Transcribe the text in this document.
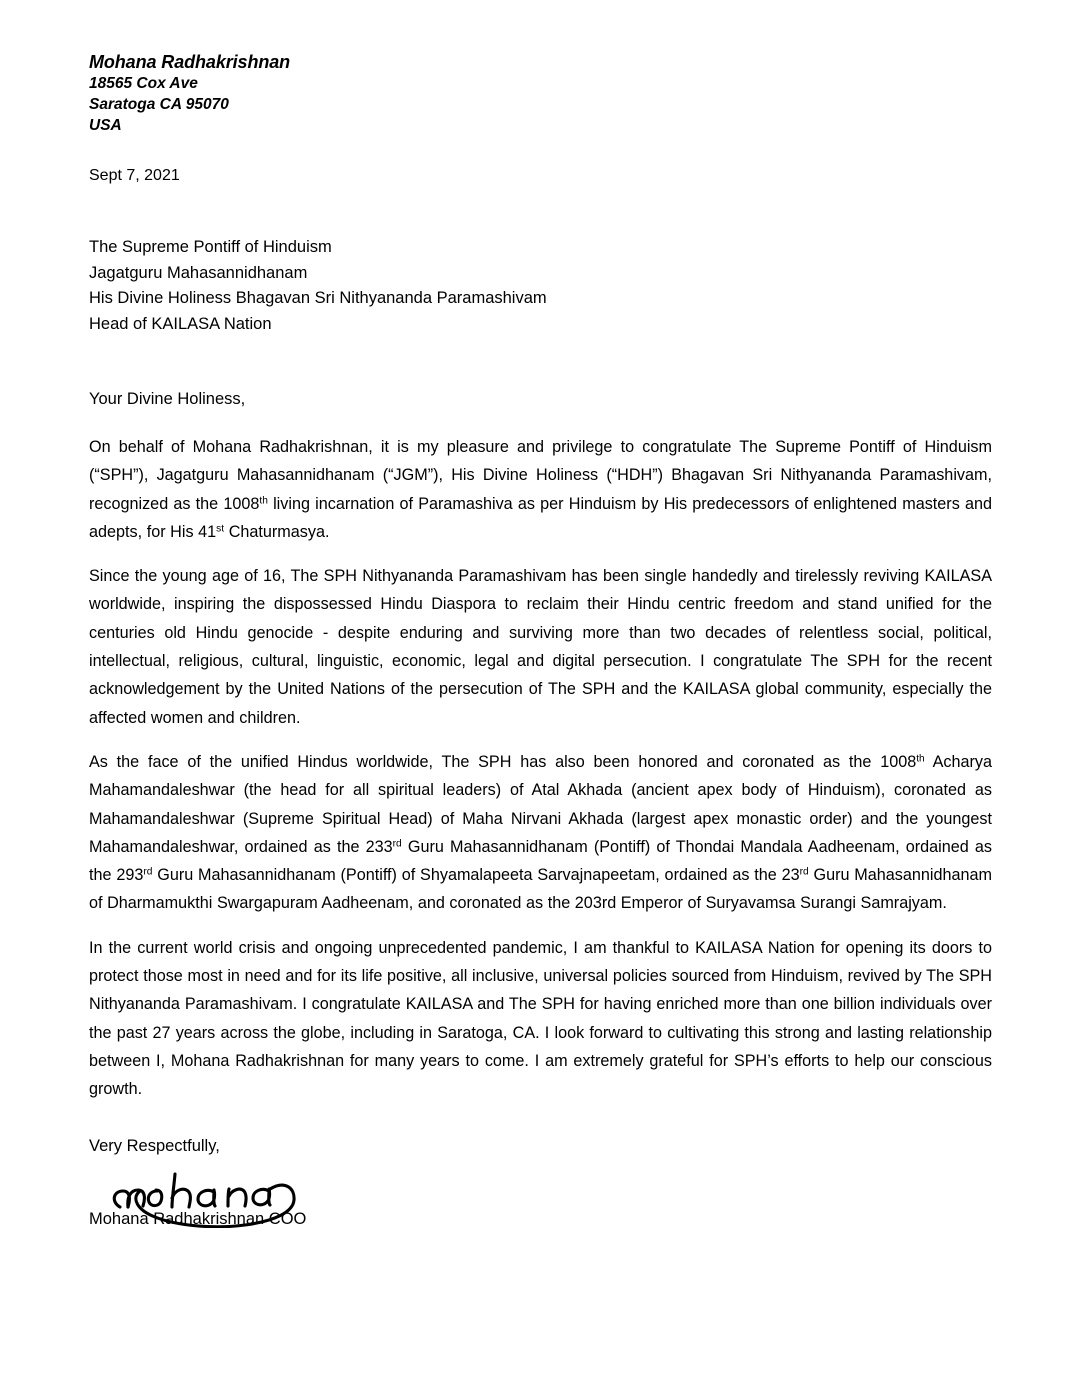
Mohana Radhakrishnan
18565 Cox Ave
Saratoga CA 95070
USA
Sept 7, 2021
The Supreme Pontiff of Hinduism
Jagatguru Mahasannidhanam
His Divine Holiness Bhagavan Sri Nithyananda Paramashivam
Head of KAILASA Nation
Your Divine Holiness,

On behalf of Mohana Radhakrishnan, it is my pleasure and privilege to congratulate The Supreme Pontiff of Hinduism (“SPH”), Jagatguru Mahasannidhanam (“JGM”), His Divine Holiness (“HDH”) Bhagavan Sri Nithyananda Paramashivam, recognized as the 1008th living incarnation of Paramashiva as per Hinduism by His predecessors of enlightened masters and adepts, for His 41st Chaturmasya.

Since the young age of 16, The SPH Nithyananda Paramashivam has been single handedly and tirelessly reviving KAILASA worldwide, inspiring the dispossessed Hindu Diaspora to reclaim their Hindu centric freedom and stand unified for the centuries old Hindu genocide - despite enduring and surviving more than two decades of relentless social, political, intellectual, religious, cultural, linguistic, economic, legal and digital persecution. I congratulate The SPH for the recent acknowledgement by the United Nations of the persecution of The SPH and the KAILASA global community, especially the affected women and children.

As the face of the unified Hindus worldwide, The SPH has also been honored and coronated as the 1008th Acharya Mahamandaleshwar (the head for all spiritual leaders) of Atal Akhada (ancient apex body of Hinduism), coronated as Mahamandaleshwar (Supreme Spiritual Head) of Maha Nirvani Akhada (largest apex monastic order) and the youngest Mahamandaleshwar, ordained as the 233rd Guru Mahasannidhanam (Pontiff) of Thondai Mandala Aadheenam, ordained as the 293rd Guru Mahasannidhanam (Pontiff) of Shyamalapeeta Sarvajnapeetam, ordained as the 23rd Guru Mahasannidhanam of Dharmamukthi Swargapuram Aadheenam, and coronated as the 203rd Emperor of Suryavamsa Surangi Samrajyam.

In the current world crisis and ongoing unprecedented pandemic, I am thankful to KAILASA Nation for opening its doors to protect those most in need and for its life positive, all inclusive, universal policies sourced from Hinduism, revived by The SPH Nithyananda Paramashivam. I congratulate KAILASA and The SPH for having enriched more than one billion individuals over the past 27 years across the globe, including in Saratoga, CA. I look forward to cultivating this strong and lasting relationship between I, Mohana Radhakrishnan for many years to come. I am extremely grateful for SPH’s efforts to help our conscious growth.

Very Respectfully,
Mohana Radhakrishnan COO
